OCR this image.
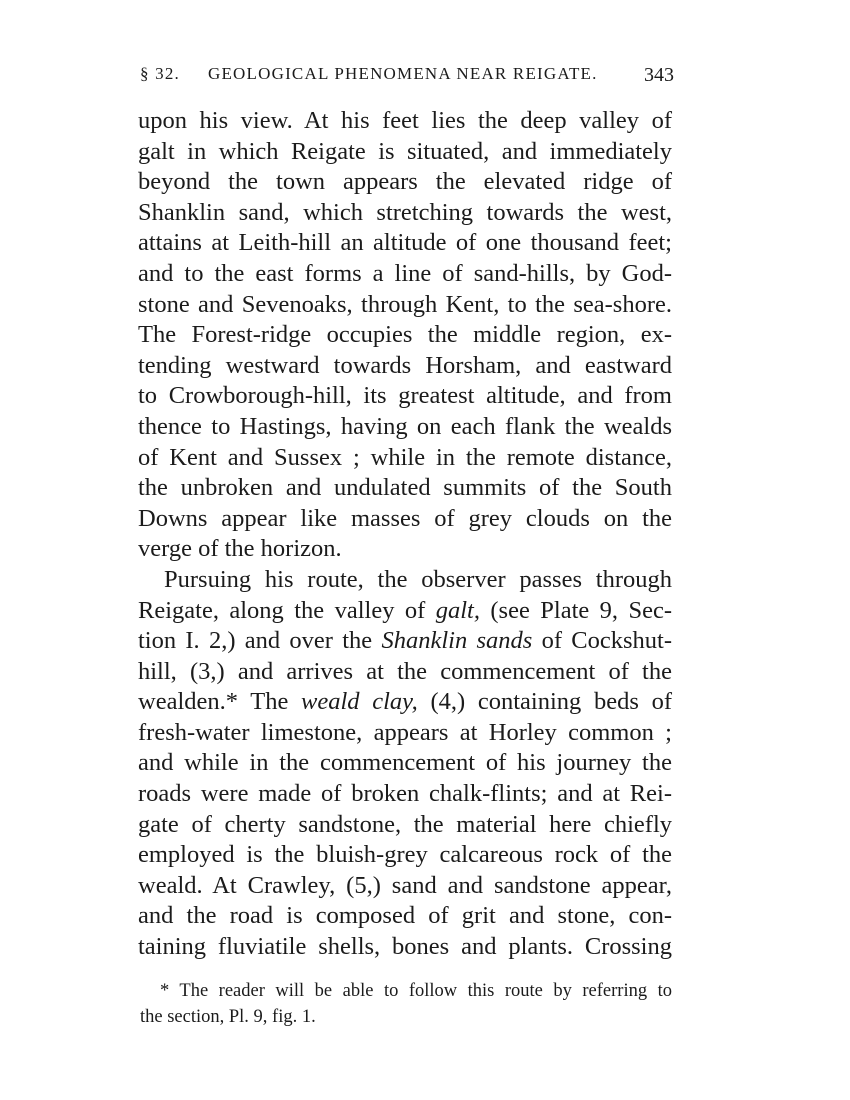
§ 32. GEOLOGICAL PHENOMENA NEAR REIGATE. 343
upon his view. At his feet lies the deep valley of
galt in which Reigate is situated, and immediately
beyond the town appears the elevated ridge of
Shanklin sand, which stretching towards the west,
attains at Leith-hill an altitude of one thousand feet;
and to the east forms a line of sand-hills, by God-
stone and Sevenoaks, through Kent, to the sea-shore.
The Forest-ridge occupies the middle region, ex-
tending westward towards Horsham, and eastward
to Crowborough-hill, its greatest altitude, and from
thence to Hastings, having on each flank the wealds
of Kent and Sussex ; while in the remote distance,
the unbroken and undulated summits of the South
Downs appear like masses of grey clouds on the
verge of the horizon.
Pursuing his route, the observer passes through
Reigate, along the valley of galt, (see Plate 9, Sec-
tion I. 2,) and over the Shanklin sands of Cockshut-
hill, (3,) and arrives at the commencement of the
wealden.* The weald clay, (4,) containing beds of
fresh-water limestone, appears at Horley common ;
and while in the commencement of his journey the
roads were made of broken chalk-flints; and at Rei-
gate of cherty sandstone, the material here chiefly
employed is the bluish-grey calcareous rock of the
weald. At Crawley, (5,) sand and sandstone appear,
and the road is composed of grit and stone, con-
taining fluviatile shells, bones and plants. Crossing
* The reader will be able to follow this route by referring to
the section, Pl. 9, fig. 1.
